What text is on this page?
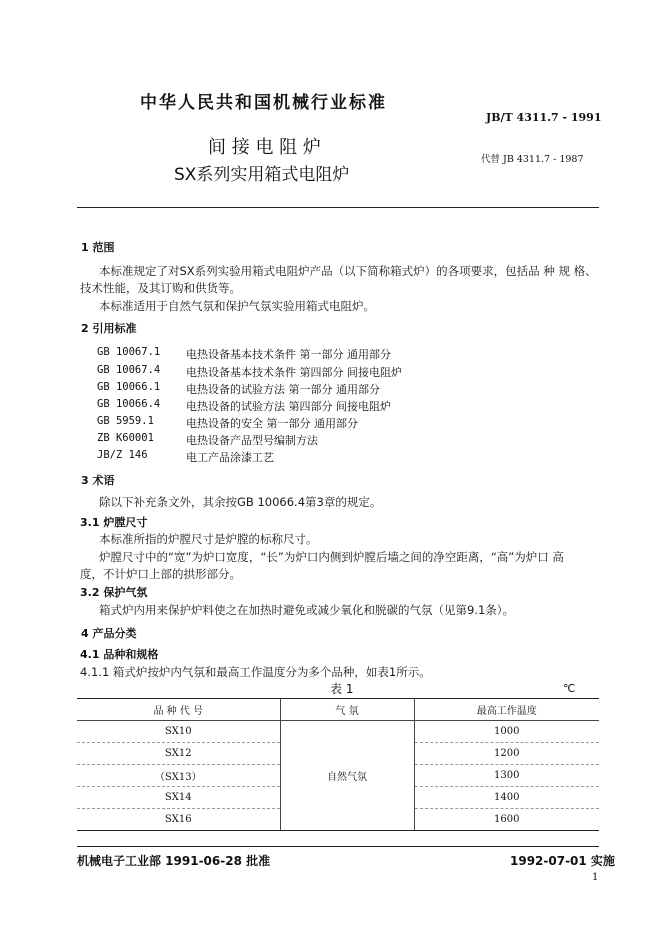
中华人民共和国机械行业标准
JB/T 4311.7 - 1991
间 接 电 阻 炉
SX系列实用箱式电阻炉
代替 JB 4311.7 - 1987
1 范围
本标准规定了对SX系列实验用箱式电阻炉产品（以下简称箱式炉）的各项要求，包括品 种 规 格、
技术性能，及其订购和供货等。
本标准适用于自然气氛和保护气氛实验用箱式电阻炉。
2 引用标准
GB 10067.1 电热设备基本技术条件 第一部分 通用部分
GB 10067.4 电热设备基本技术条件 第四部分 间接电阻炉
GB 10066.1 电热设备的试验方法 第一部分 通用部分
GB 10066.4 电热设备的试验方法 第四部分 间接电阻炉
GB 5959.1	电热设备的安全 第一部分 通用部分
ZB K60001	电热设备产品型号编制方法
JB/Z 146	电工产品涂漆工艺
3 术语
除以下补充条文外，其余按GB 10066.4第3章的规定。
3.1 炉膛尺寸
本标准所指的炉膛尺寸是炉膛的标称尺寸。
炉膛尺寸中的“宽”为炉口宽度，“长”为炉口内侧到炉膛后墙之间的净空距离，“高”为炉口 高
度，不计炉口上部的拱形部分。
3.2 保护气氛
箱式炉内用来保护炉料使之在加热时避免或减少氧化和脱碳的气氛（见第9.1条）。
4 产品分类
4.1 品种和规格
4.1.1 箱式炉按炉内气氛和最高工作温度分为多个品种，如表1所示。
表 1	℃
品 种 代 号	气 氛	最高工作温度
SX10	自然气氛	1000
SX12		1200
（SX13）		1300
SX14		1400
SX16		1600
机械电子工业部 1991-06-28 批准	1992-07-01 实施
1
